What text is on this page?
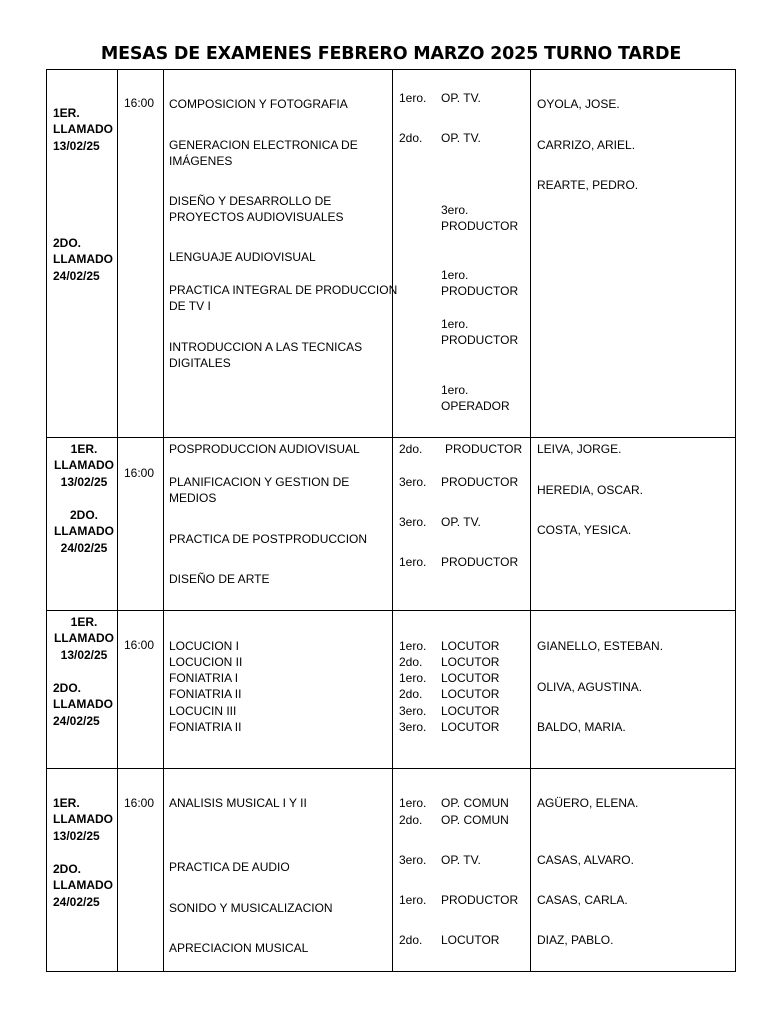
MESAS DE EXAMENES FEBRERO MARZO 2025 TURNO TARDE
1ER.
LLAMADO
13/02/25
2DO.
LLAMADO
24/02/25
16:00 COMPOSICION Y FOTOGRAFIA
GENERACION ELECTRONICA DE
IMÁGENES
DISEÑO Y DESARROLLO DE
PROYECTOS AUDIOVISUALES
LENGUAJE AUDIOVISUAL
PRACTICA INTEGRAL DE PRODUCCION
DE TV I
INTRODUCCION A LAS TECNICAS
DIGITALES
1ero. OP. TV.
2do. OP. TV.
3ero.
PRODUCTOR
1ero.
PRODUCTOR
1ero.
PRODUCTOR
1ero.
OPERADOR
OYOLA, JOSE.
CARRIZO, ARIEL.
REARTE, PEDRO.
1ER.
LLAMADO
13/02/25
2DO.
LLAMADO
24/02/25
16:00
POSPRODUCCION AUDIOVISUAL
PLANIFICACION Y GESTION DE
MEDIOS
PRACTICA DE POSTPRODUCCION
DISEÑO DE ARTE
2do. PRODUCTOR
3ero. PRODUCTOR
3ero. OP. TV.
1ero. PRODUCTOR
LEIVA, JORGE.
HEREDIA, OSCAR.
COSTA, YESICA.
1ER.
LLAMADO
13/02/25
2DO.
LLAMADO
24/02/25
16:00 LOCUCION I
LOCUCION II
FONIATRIA I
FONIATRIA II
LOCUCIN III
FONIATRIA II
1ero. LOCUTOR
2do. LOCUTOR
1ero. LOCUTOR
2do. LOCUTOR
3ero. LOCUTOR
3ero. LOCUTOR
GIANELLO, ESTEBAN.
OLIVA, AGUSTINA.
BALDO, MARIA.
1ER.
LLAMADO
13/02/25
2DO.
LLAMADO
24/02/25
16:00 ANALISIS MUSICAL I Y II
PRACTICA DE AUDIO
SONIDO Y MUSICALIZACION
APRECIACION MUSICAL
1ero. OP. COMUN
2do. OP. COMUN
3ero. OP. TV.
1ero. PRODUCTOR
2do. LOCUTOR
AGÜERO, ELENA.
CASAS, ALVARO.
CASAS, CARLA.
DIAZ, PABLO.
